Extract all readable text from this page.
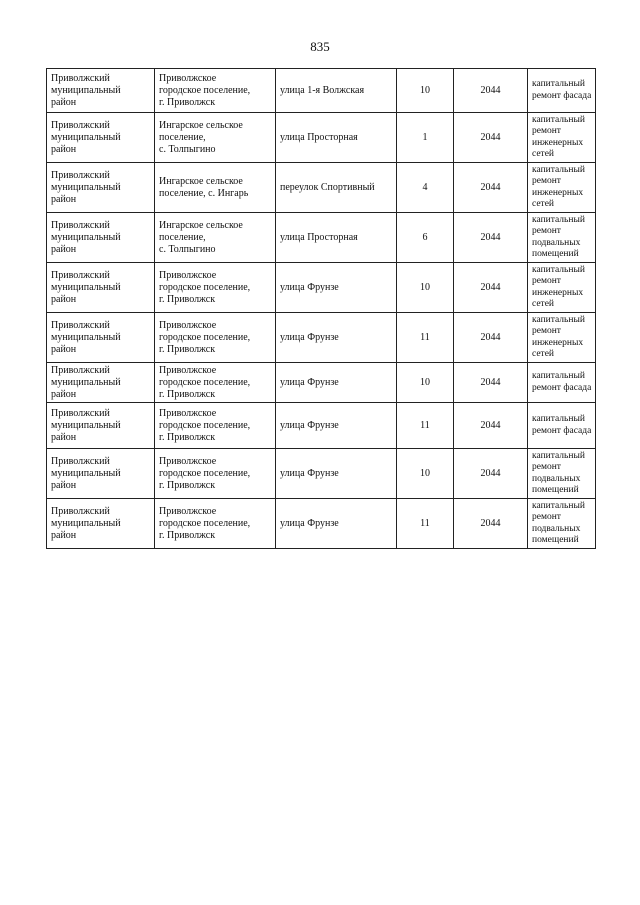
835
Приволжский
муниципальный
район	Приволжское
городское поселение,
г. Приволжск	улица 1-я Волжская	10	2044	капитальный
ремонт фасада

Приволжский
муниципальный
район	Ингарское сельское
поселение,
с. Толпыгино	улица Просторная	1	2044	капитальный
ремонт
инженерных
сетей

Приволжский
муниципальный
район	Ингарское сельское
поселение, с. Ингарь	переулок Спортивный	4	2044	капитальный
ремонт
инженерных
сетей

Приволжский
муниципальный
район	Ингарское сельское
поселение,
с. Толпыгино	улица Просторная	6	2044	капитальный
ремонт
подвальных
помещений

Приволжский
муниципальный
район	Приволжское
городское поселение,
г. Приволжск	улица Фрунзе	10	2044	капитальный
ремонт
инженерных
сетей

Приволжский
муниципальный
район	Приволжское
городское поселение,
г. Приволжск	улица Фрунзе	11	2044	капитальный
ремонт
инженерных
сетей

Приволжский
муниципальный
район	Приволжское
городское поселение,
г. Приволжск	улица Фрунзе	10	2044	капитальный
ремонт фасада

Приволжский
муниципальный
район	Приволжское
городское поселение,
г. Приволжск	улица Фрунзе	11	2044	капитальный
ремонт фасада

Приволжский
муниципальный
район	Приволжское
городское поселение,
г. Приволжск	улица Фрунзе	10	2044	капитальный
ремонт
подвальных
помещений

Приволжский
муниципальный
район	Приволжское
городское поселение,
г. Приволжск	улица Фрунзе	11	2044	капитальный
ремонт
подвальных
помещений
